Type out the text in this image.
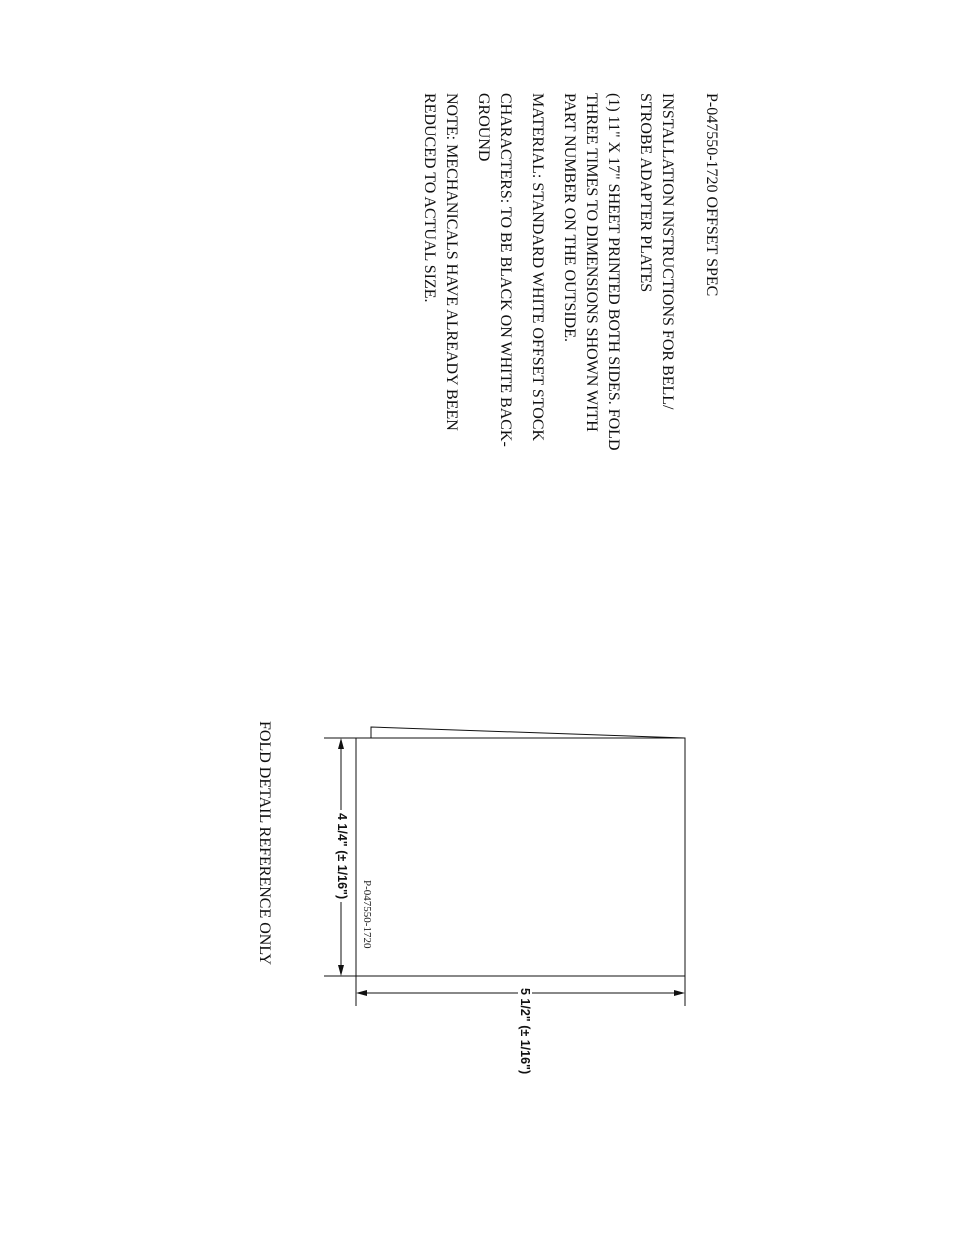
P-047550-1720 OFFSET SPEC
INSTALLATION INSTRUCTIONS FOR BELL/
STROBE ADAPTER PLATES
(1) 11" X 17" SHEET PRINTED BOTH SIDES. FOLD
THREE TIMES TO DIMENSIONS SHOWN WITH
PART NUMBER ON THE OUTSIDE.
MATERIAL: STANDARD WHITE OFFSET STOCK
CHARACTERS: TO BE BLACK ON WHITE BACK-
GROUND
NOTE: MECHANICALS HAVE ALREADY BEEN
REDUCED TO ACTUAL SIZE.
4 1/4" (± 1/16")
5 1/2" (± 1/16")
P-047550-1720
FOLD DETAIL REFERENCE ONLY
